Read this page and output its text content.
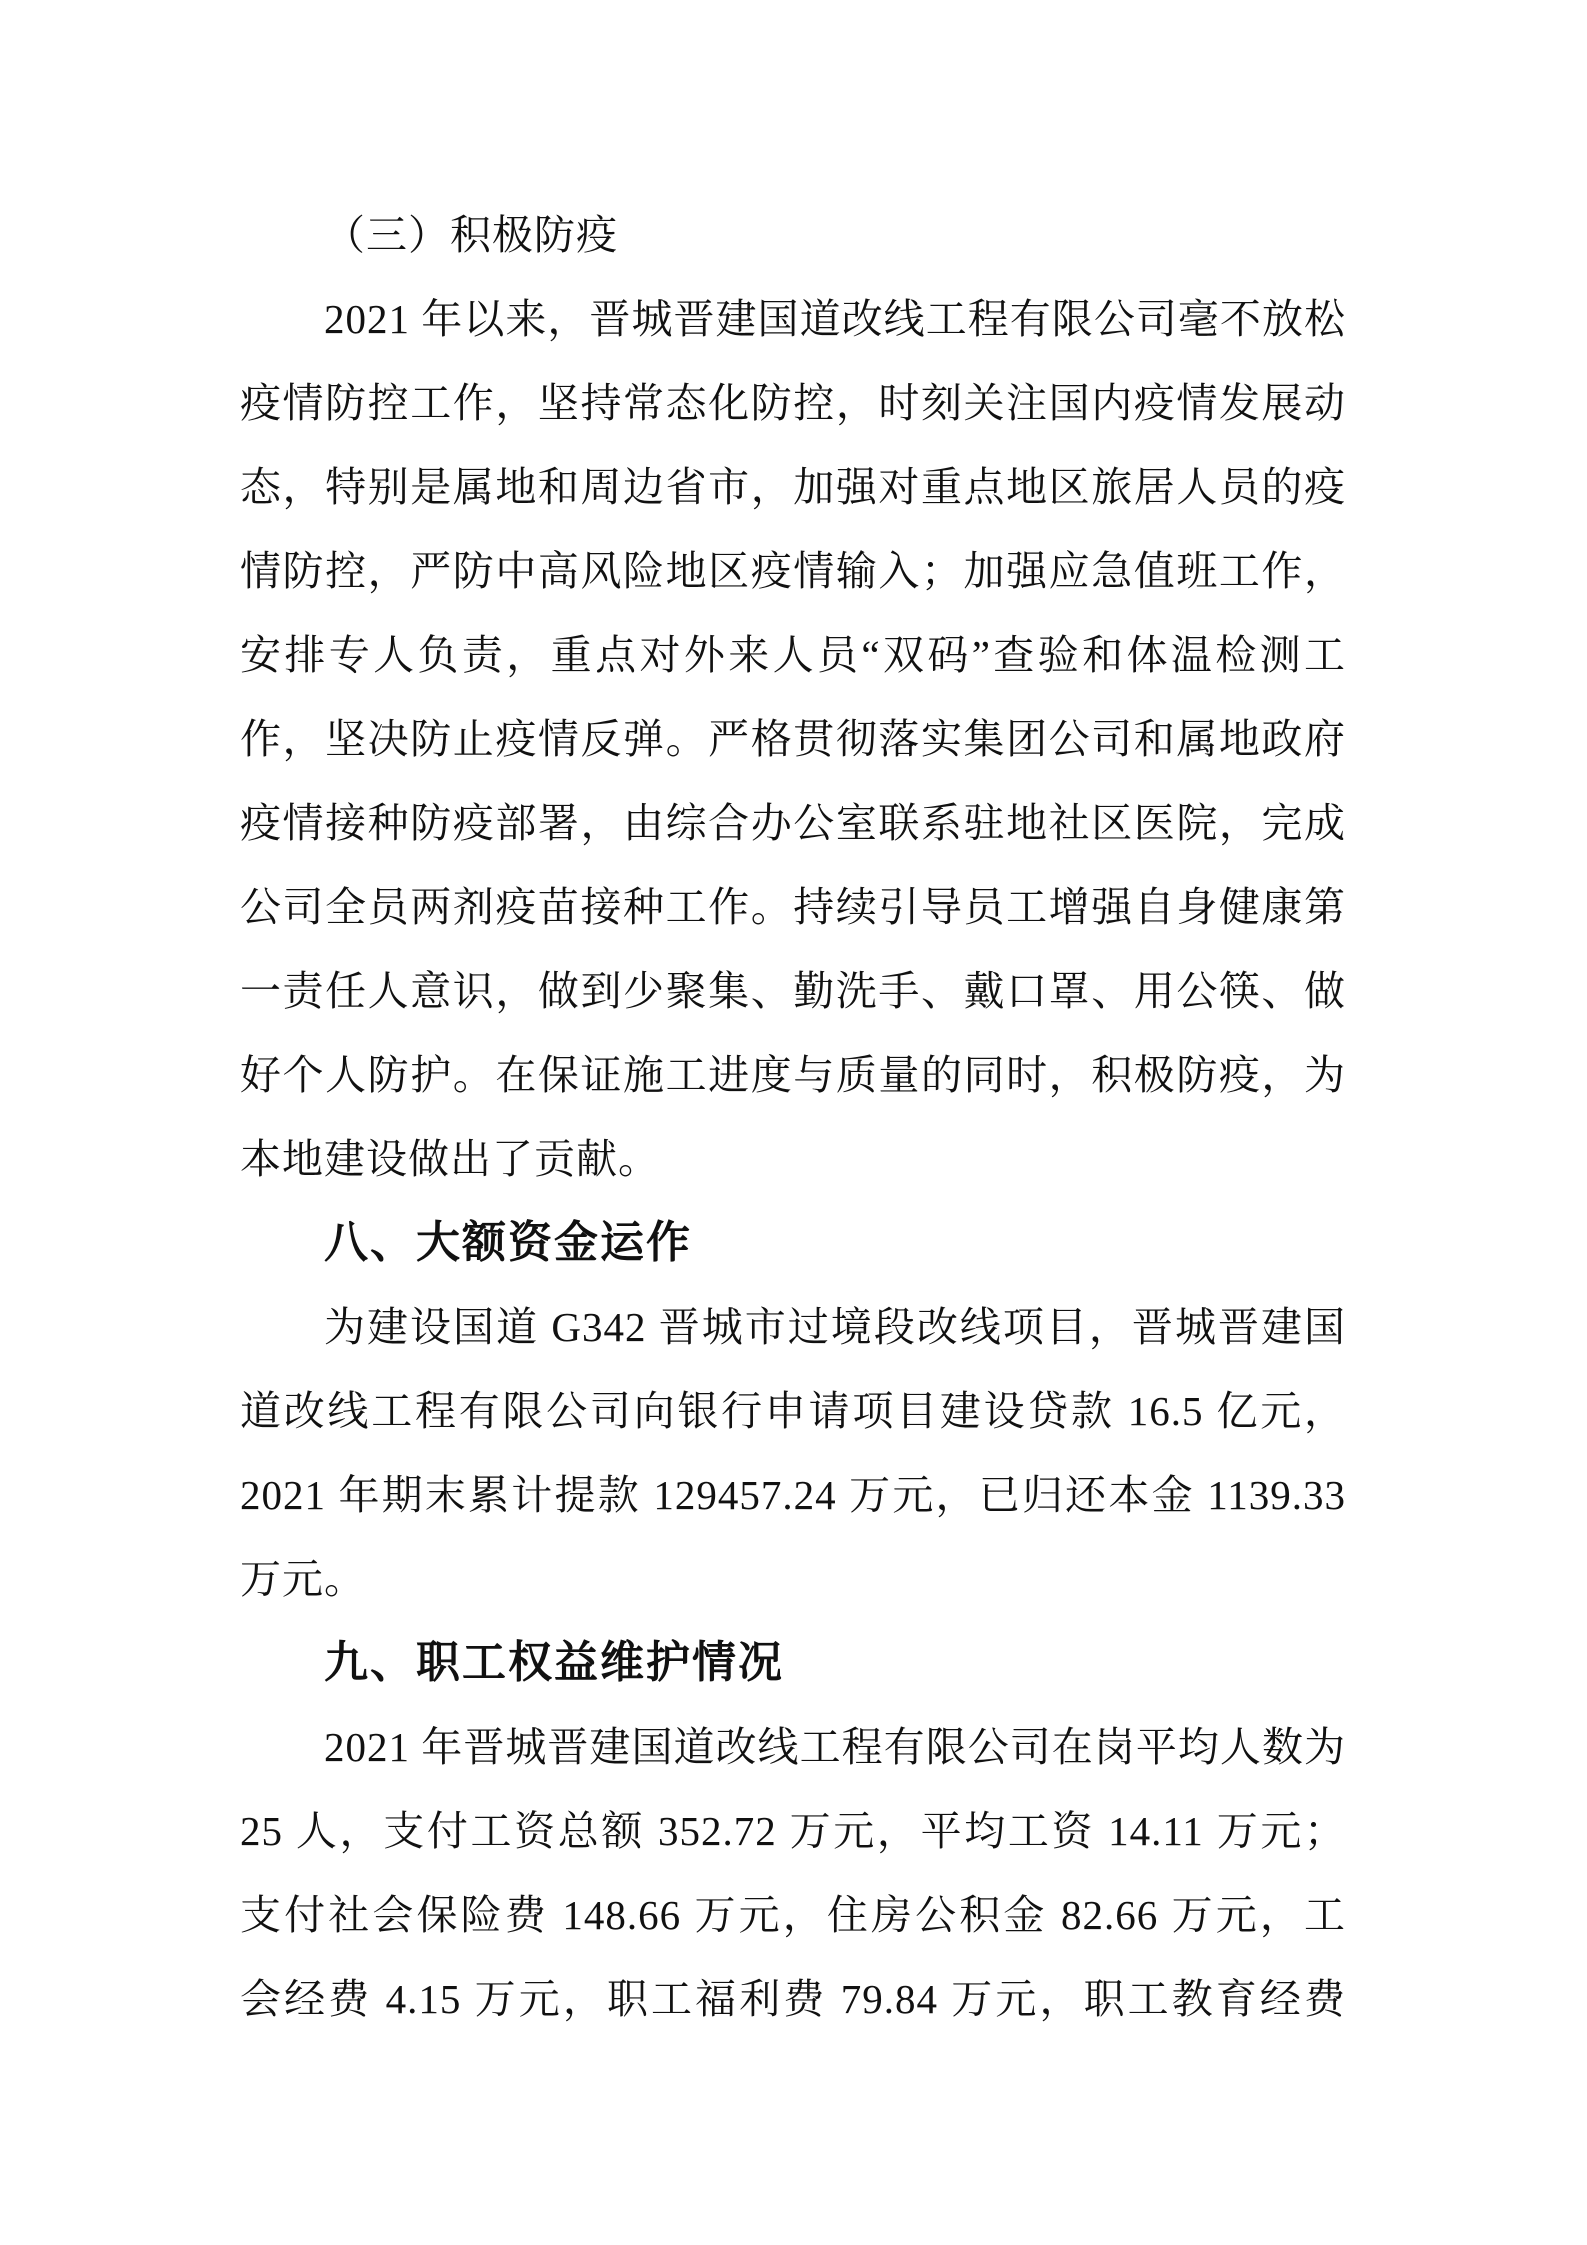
（三）积极防疫
2021 年以来，晋城晋建国道改线工程有限公司毫不放松
疫情防控工作，坚持常态化防控，时刻关注国内疫情发展动
态，特别是属地和周边省市，加强对重点地区旅居人员的疫
情防控，严防中高风险地区疫情输入；加强应急值班工作，
安排专人负责，重点对外来人员“双码”查验和体温检测工
作，坚决防止疫情反弹。严格贯彻落实集团公司和属地政府
疫情接种防疫部署，由综合办公室联系驻地社区医院，完成
公司全员两剂疫苗接种工作。持续引导员工增强自身健康第
一责任人意识，做到少聚集、勤洗手、戴口罩、用公筷、做
好个人防护。在保证施工进度与质量的同时，积极防疫，为
本地建设做出了贡献。
八、大额资金运作
为建设国道 G342 晋城市过境段改线项目，晋城晋建国
道改线工程有限公司向银行申请项目建设贷款 16.5 亿元，
2021 年期末累计提款 129457.24 万元，已归还本金 1139.33
万元。
九、职工权益维护情况
2021 年晋城晋建国道改线工程有限公司在岗平均人数为
25 人，支付工资总额 352.72 万元，平均工资 14.11 万元；
支付社会保险费 148.66 万元，住房公积金 82.66 万元，工
会经费 4.15 万元，职工福利费 79.84 万元，职工教育经费
